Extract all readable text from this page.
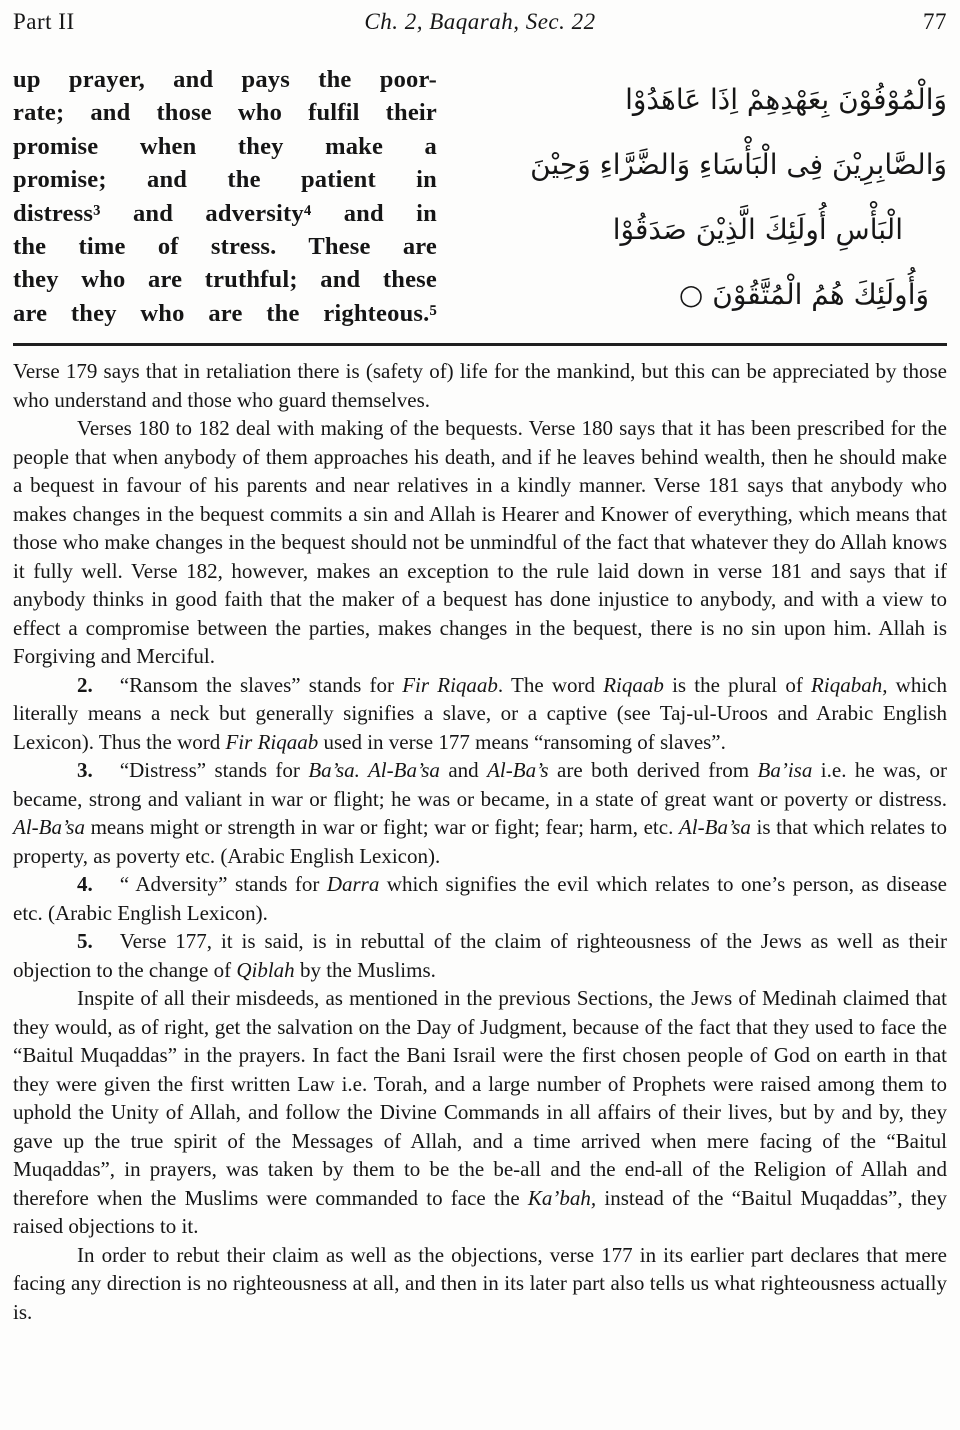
Part II	Ch. 2, Baqarah, Sec. 22	77
up prayer, and pays the poor-
rate; and those who fulfil their
promise when they make a
promise; and the patient in
distress³ and adversity⁴ and in
the time of stress. These are
they who are truthful; and these
are they who are the righteous.⁵
وَالْمُوْفُوْنَ بِعَهْدِهِمْ اِذَا عَاهَدُوْا
وَالصَّابِرِيْنَ فِى الْبَأْسَاءِ وَالضَّرَّاءِ وَحِيْنَ
الْبَأْسِ أُولَئِكَ الَّذِيْنَ صَدَقُوْا
وَأُولَئِكَ هُمُ الْمُتَّقُوْنَ ○

Verse 179 says that in retaliation there is (safety of) life for the mankind, but this can be appreciated by those who understand and those who guard themselves.

Verses 180 to 182 deal with making of the bequests. Verse 180 says that it has been prescribed for the people that when anybody of them approaches his death, and if he leaves behind wealth, then he should make a bequest in favour of his parents and near relatives in a kindly manner. Verse 181 says that anybody who makes changes in the bequest commits a sin and Allah is Hearer and Knower of everything, which means that those who make changes in the bequest should not be unmindful of the fact that whatever they do Allah knows it fully well. Verse 182, however, makes an exception to the rule laid down in verse 181 and says that if anybody thinks in good faith that the maker of a bequest has done injustice to anybody, and with a view to effect a compromise between the parties, makes changes in the bequest, there is no sin upon him. Allah is Forgiving and Merciful.

2. “Ransom the slaves” stands for Fir Riqaab. The word Riqaab is the plural of Riqabah, which literally means a neck but generally signifies a slave, or a captive (see Taj-ul-Uroos and Arabic English Lexicon). Thus the word Fir Riqaab used in verse 177 means “ransoming of slaves”.

3. “Distress” stands for Ba’sa. Al-Ba’sa and Al-Ba’s are both derived from Ba’isa i.e. he was, or became, strong and valiant in war or flight; he was or became, in a state of great want or poverty or distress. Al-Ba’sa means might or strength in war or fight; war or fight; fear; harm, etc. Al-Ba’sa is that which relates to property, as poverty etc. (Arabic English Lexicon).

4. “ Adversity” stands for Darra which signifies the evil which relates to one’s person, as disease etc. (Arabic English Lexicon).

5. Verse 177, it is said, is in rebuttal of the claim of righteousness of the Jews as well as their objection to the change of Qiblah by the Muslims.

Inspite of all their misdeeds, as mentioned in the previous Sections, the Jews of Medinah claimed that they would, as of right, get the salvation on the Day of Judgment, because of the fact that they used to face the “Baitul Muqaddas” in the prayers. In fact the Bani Israil were the first chosen people of God on earth in that they were given the first written Law i.e. Torah, and a large number of Prophets were raised among them to uphold the Unity of Allah, and follow the Divine Commands in all affairs of their lives, but by and by, they gave up the true spirit of the Messages of Allah, and a time arrived when mere facing of the “Baitul Muqaddas”, in prayers, was taken by them to be the be-all and the end-all of the Religion of Allah and therefore when the Muslims were commanded to face the Ka’bah, instead of the “Baitul Muqaddas”, they raised objections to it.

In order to rebut their claim as well as the objections, verse 177 in its earlier part declares that mere facing any direction is no righteousness at all, and then in its later part also tells us what righteousness actually is.
